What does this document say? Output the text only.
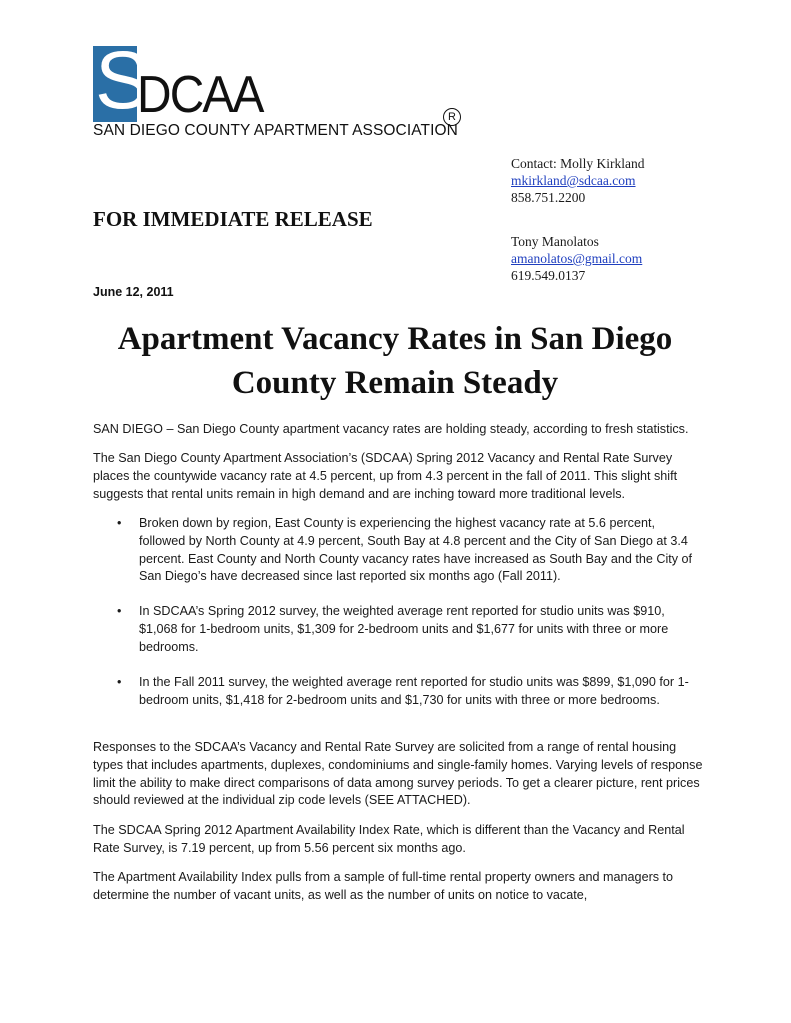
S
DCAA
SAN DIEGO COUNTY APARTMENT ASSOCIATION
R
Contact: Molly Kirkland
mkirkland@sdcaa.com
858.751.2200
Tony Manolatos
amanolatos@gmail.com
619.549.0137
FOR IMMEDIATE RELEASE
June 12, 2011
Apartment Vacancy Rates in San Diego County Remain Steady

SAN DIEGO – San Diego County apartment vacancy rates are holding steady, according to fresh statistics.

The San Diego County Apartment Association’s (SDCAA) Spring 2012 Vacancy and Rental Rate Survey places the countywide vacancy rate at 4.5 percent, up from 4.3 percent in the fall of 2011. This slight shift suggests that rental units remain in high demand and are inching toward more traditional levels.

•	Broken down by region, East County is experiencing the highest vacancy rate at 5.6 percent, followed by North County at 4.9 percent, South Bay at 4.8 percent and the City of San Diego at 3.4 percent. East County and North County vacancy rates have increased as South Bay and the City of San Diego’s have decreased since last reported six months ago (Fall 2011).
•	In SDCAA’s Spring 2012 survey, the weighted average rent reported for studio units was $910, $1,068 for 1-bedroom units, $1,309 for 2-bedroom units and $1,677 for units with three or more bedrooms.
•	In the Fall 2011 survey, the weighted average rent reported for studio units was $899, $1,090 for 1-bedroom units, $1,418 for 2-bedroom units and $1,730 for units with three or more bedrooms.

Responses to the SDCAA’s Vacancy and Rental Rate Survey are solicited from a range of rental housing types that includes apartments, duplexes, condominiums and single-family homes. Varying levels of response limit the ability to make direct comparisons of data among survey periods. To get a clearer picture, rent prices should reviewed at the individual zip code levels (SEE ATTACHED).

The SDCAA Spring 2012 Apartment Availability Index Rate, which is different than the Vacancy and Rental Rate Survey, is 7.19 percent, up from 5.56 percent six months ago.

The Apartment Availability Index pulls from a sample of full-time rental property owners and managers to determine the number of vacant units, as well as the number of units on notice to vacate,
